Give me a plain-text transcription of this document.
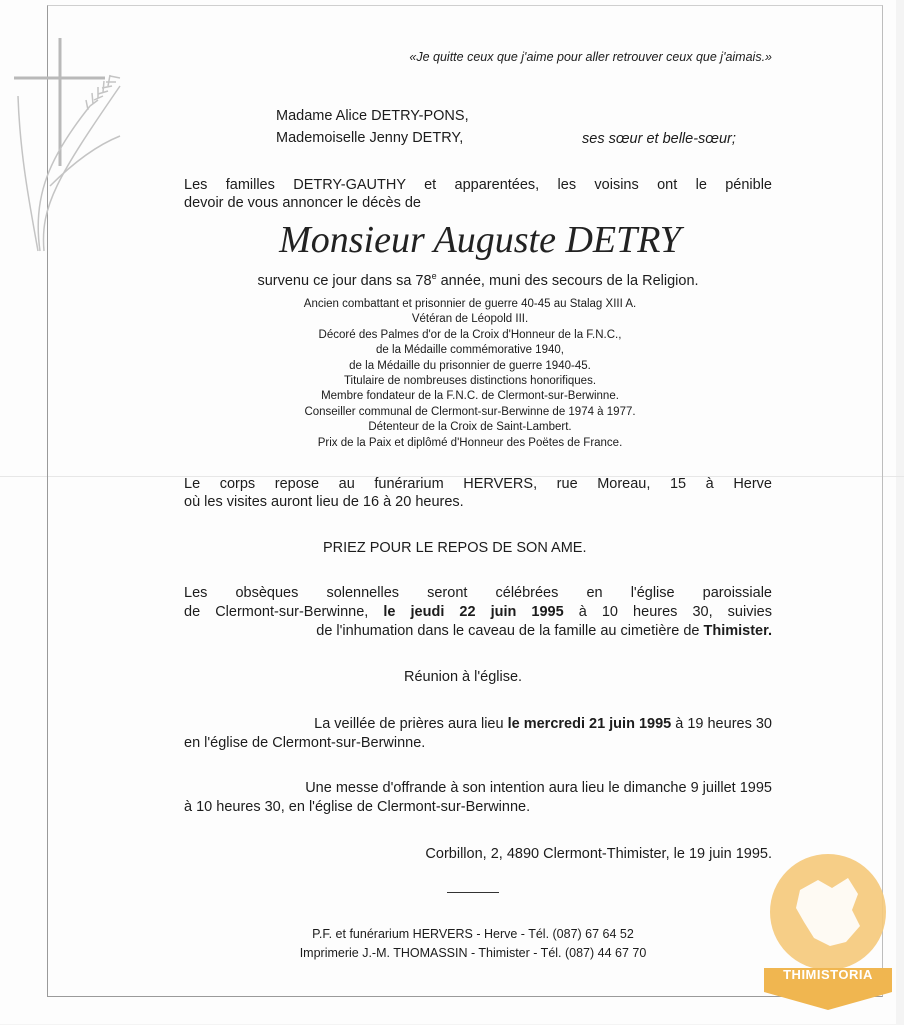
«Je quitte ceux que j'aime pour aller retrouver ceux que j'aimais.»
Madame Alice DETRY-PONS,
Mademoiselle Jenny DETRY,	ses sœur et belle-sœur;
Les familles DETRY-GAUTHY et apparentées, les voisins ont le pénible
devoir de vous annoncer le décès de
Monsieur Auguste DETRY
survenu ce jour dans sa 78e année, muni des secours de la Religion.
Ancien combattant et prisonnier de guerre 40-45 au Stalag XIII A.
Vétéran de Léopold III.
Décoré des Palmes d'or de la Croix d'Honneur de la F.N.C.,
de la Médaille commémorative 1940,
de la Médaille du prisonnier de guerre 1940-45.
Titulaire de nombreuses distinctions honorifiques.
Membre fondateur de la F.N.C. de Clermont-sur-Berwinne.
Conseiller communal de Clermont-sur-Berwinne de 1974 à 1977.
Détenteur de la Croix de Saint-Lambert.
Prix de la Paix et diplômé d'Honneur des Poëtes de France.
Le corps repose au funérarium HERVERS, rue Moreau, 15 à Herve
où les visites auront lieu de 16 à 20 heures.
PRIEZ POUR LE REPOS DE SON AME.
Les obsèques solennelles seront célébrées en l'église paroissiale
de Clermont-sur-Berwinne, le jeudi 22 juin 1995 à 10 heures 30, suivies
de l'inhumation dans le caveau de la famille au cimetière de Thimister.
Réunion à l'église.
La veillée de prières aura lieu le mercredi 21 juin 1995 à 19 heures 30
en l'église de Clermont-sur-Berwinne.
Une messe d'offrande à son intention aura lieu le dimanche 9 juillet 1995
à 10 heures 30, en l'église de Clermont-sur-Berwinne.
Corbillon, 2, 4890 Clermont-Thimister, le 19 juin 1995.
P.F. et funérarium HERVERS - Herve - Tél. (087) 67 64 52
Imprimerie J.-M. THOMASSIN - Thimister - Tél. (087) 44 67 70
THIMISTORIA
